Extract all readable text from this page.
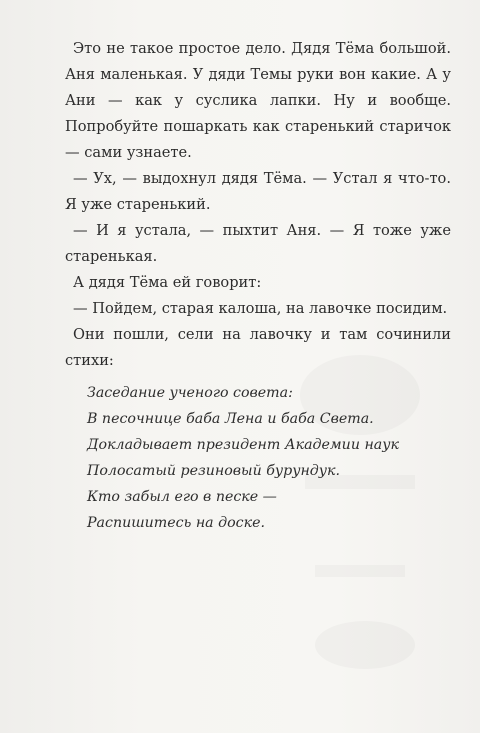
Это не такое простое дело. Дядя Тёма большой. Аня маленькая. У дяди Темы руки вон какие. А у Ани — как у суслика лапки. Ну и вообще. Попробуйте пошаркать как старенький старичок — сами узнаете.

— Ух, — выдохнул дядя Тёма. — Устал я что-то. Я уже старенький.

— И я устала, — пыхтит Аня. — Я тоже уже старенькая.

А дядя Тёма ей говорит:

— Пойдем, старая калоша, на лавочке посидим.

Они пошли, сели на лавочку и там сочинили стихи:

Заседание ученого совета:
В песочнице баба Лена и баба Света.
Докладывает президент Академии наук
Полосатый резиновый бурундук.
Кто забыл его в песке —
Распишитесь на доске.
